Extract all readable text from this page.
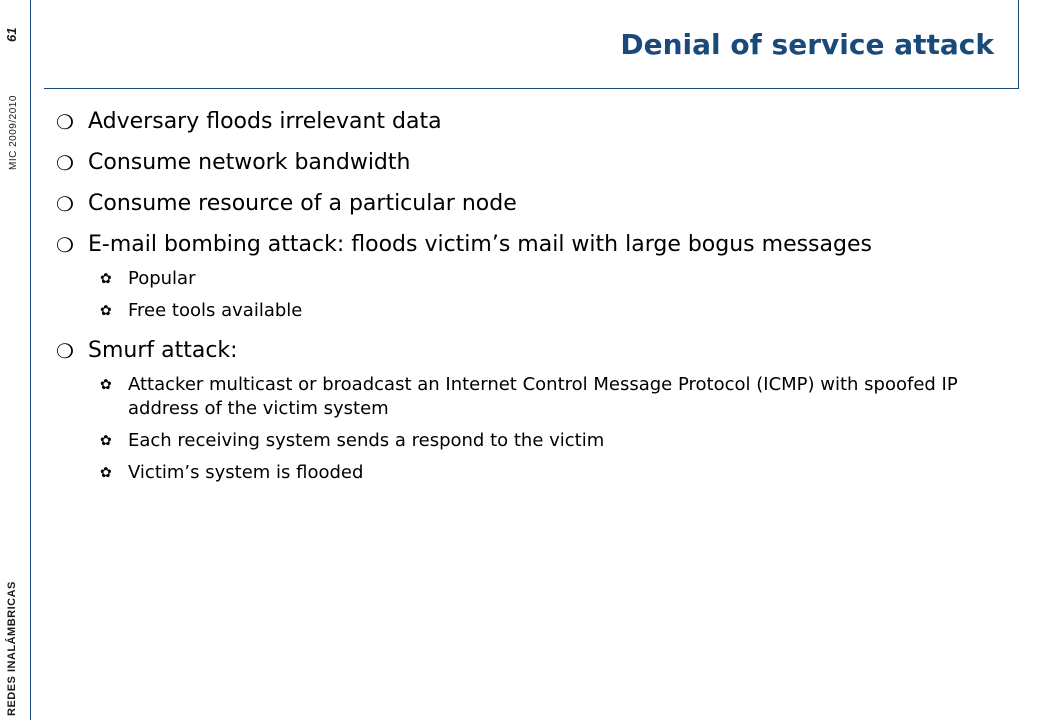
REDES INALÁMBRICAS
MIC 2009/2010
61	Denial of service attack
❍ Adversary floods irrelevant data
❍ Consume network bandwidth
❍ Consume resource of a particular node
❍ E-mail bombing attack: floods victim’s mail with large bogus messages
✿ Popular
✿ Free tools available
❍ Smurf attack:
✿ Attacker multicast or broadcast an Internet Control Message Protocol (ICMP) with spoofed IP address of the victim system
✿ Each receiving system sends a respond to the victim
✿ Victim’s system is flooded
